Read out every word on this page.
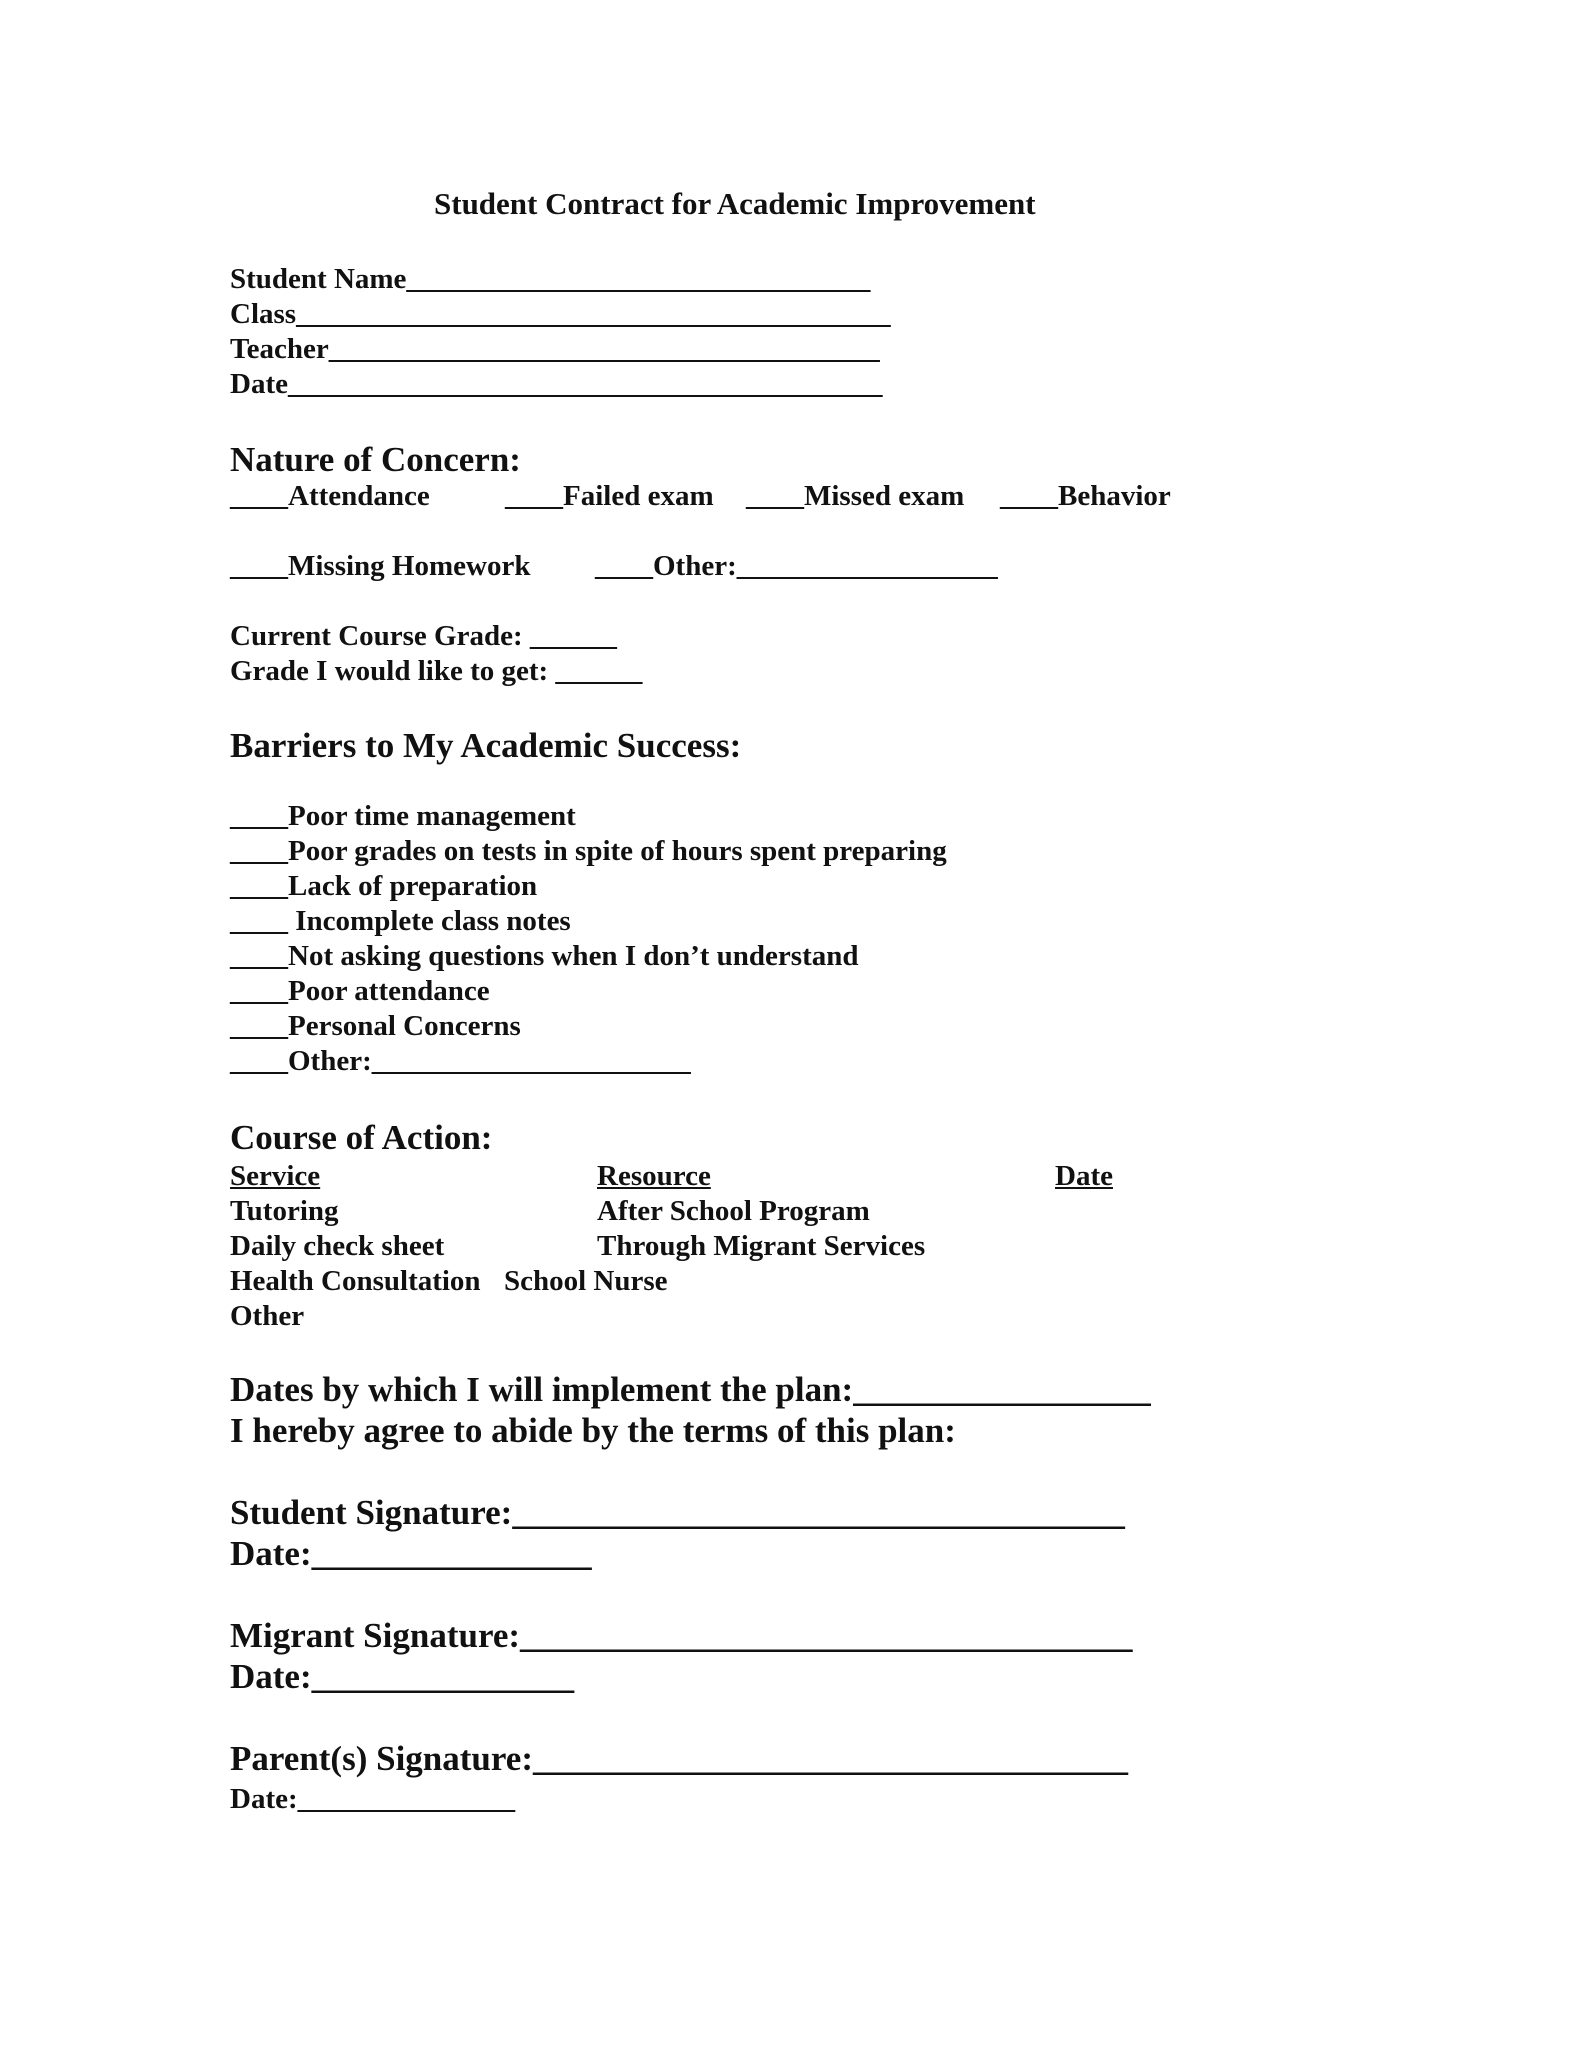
Student Contract for Academic Improvement
Student Name________________________________
Class_________________________________________
Teacher______________________________________
Date_________________________________________
Nature of Concern:
____Attendance	____Failed exam ____Missed exam ____Behavior
____Missing Homework ____Other:__________________
Current Course Grade: ______
Grade I would like to get: ______
Barriers to My Academic Success:
____Poor time management
____Poor grades on tests in spite of hours spent preparing
____Lack of preparation
____ Incomplete class notes
____Not asking questions when I don’t understand
____Poor attendance
____Personal Concerns
____Other:______________________
Course of Action:
Service	Resource	Date
Tutoring	After School Program
Daily check sheet	Through Migrant Services
Health Consultation School Nurse
Other
Dates by which I will implement the plan:_________________
I hereby agree to abide by the terms of this plan:
Student Signature:___________________________________
Date:________________
Migrant Signature:___________________________________
Date:_______________
Parent(s) Signature:__________________________________
Date:_______________
